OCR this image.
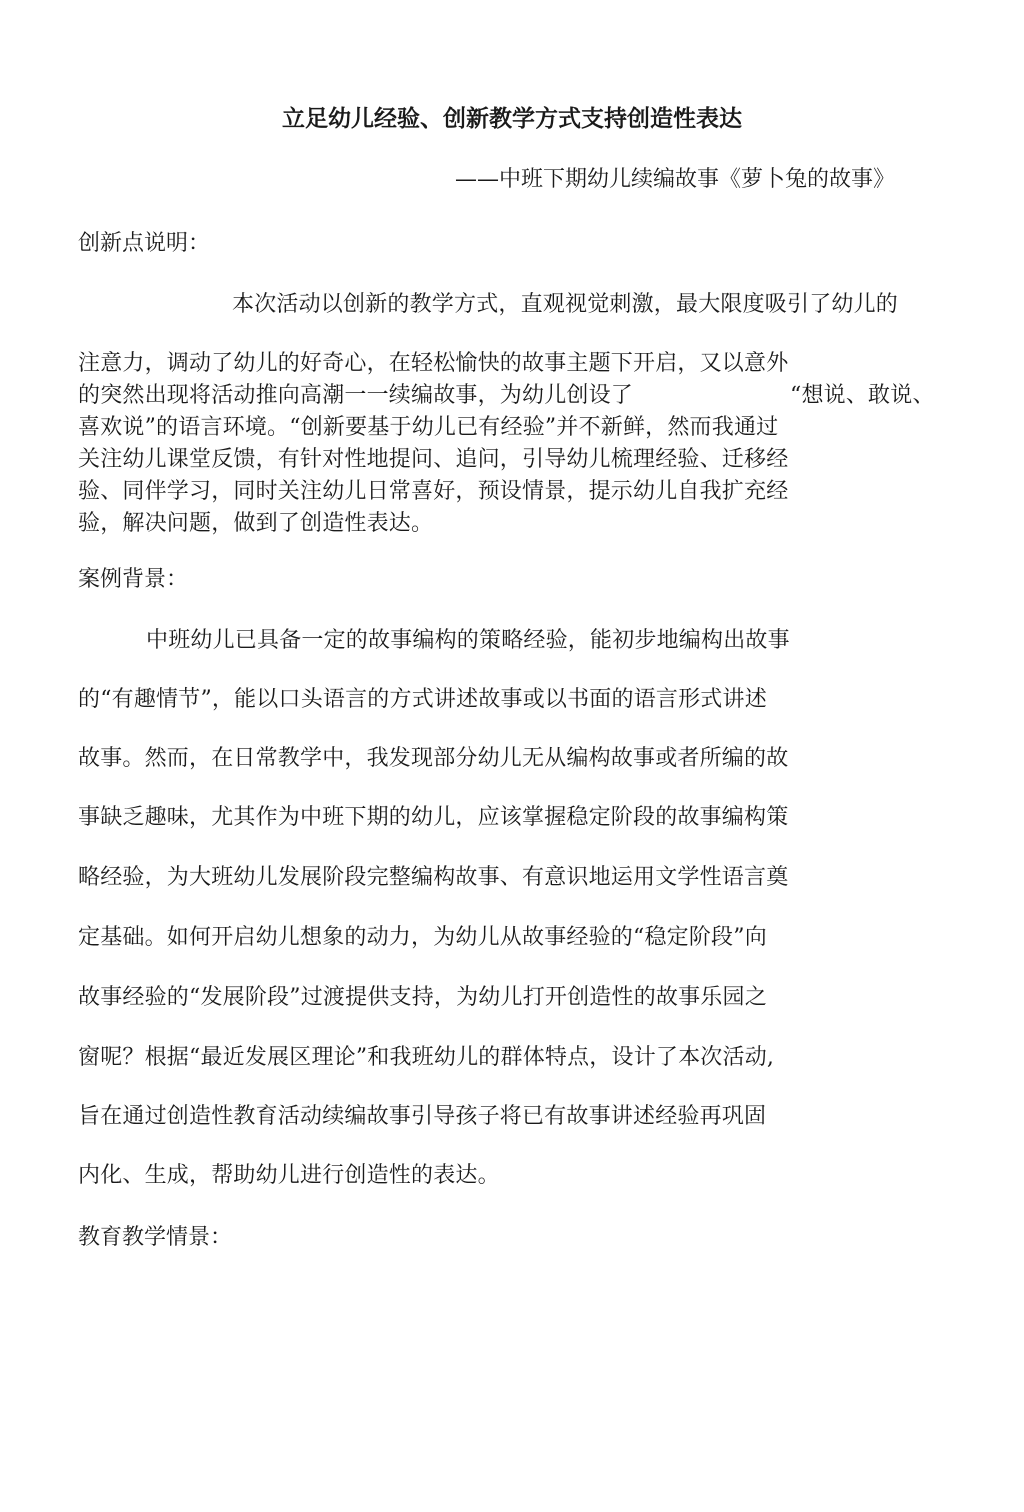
立足幼儿经验、创新教学方式支持创造性表达
——中班下期幼儿续编故事《萝卜兔的故事》
创新点说明：
本次活动以创新的教学方式，直观视觉刺激，最大限度吸引了幼儿的
注意力，调动了幼儿的好奇心，在轻松愉快的故事主题下开启，又以意外
的突然出现将活动推向高潮一一续编故事，为幼儿创设了	“想说、敢说、
喜欢说”的语言环境。“创新要基于幼儿已有经验”并不新鲜，然而我通过
关注幼儿课堂反馈，有针对性地提问、追问，引导幼儿梳理经验、迁移经
验、同伴学习，同时关注幼儿日常喜好，预设情景，提示幼儿自我扩充经
验，解决问题，做到了创造性表达。
案例背景：
中班幼儿已具备一定的故事编构的策略经验，能初步地编构出故事
的“有趣情节”，能以口头语言的方式讲述故事或以书面的语言形式讲述
故事。然而，在日常教学中，我发现部分幼儿无从编构故事或者所编的故
事缺乏趣味，尤其作为中班下期的幼儿，应该掌握稳定阶段的故事编构策
略经验，为大班幼儿发展阶段完整编构故事、有意识地运用文学性语言奠
定基础。如何开启幼儿想象的动力，为幼儿从故事经验的“稳定阶段”向
故事经验的“发展阶段”过渡提供支持，为幼儿打开创造性的故事乐园之
窗呢？根据“最近发展区理论”和我班幼儿的群体特点，设计了本次活动,
旨在通过创造性教育活动续编故事引导孩子将已有故事讲述经验再巩固
内化、生成，帮助幼儿进行创造性的表达。
教育教学情景：
